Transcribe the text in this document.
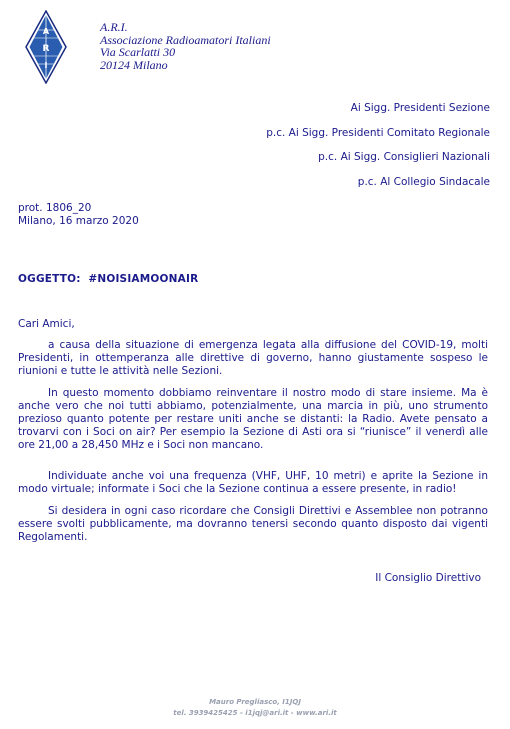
A
R
I
A.R.I.
Associazione Radioamatori Italiani
Via Scarlatti 30
20124 Milano
Ai Sigg. Presidenti Sezione
p.c. Ai Sigg. Presidenti Comitato Regionale
p.c. Ai Sigg. Consiglieri Nazionali
p.c. Al Collegio Sindacale
prot. 1806_20
Milano, 16 marzo 2020
OGGETTO:  #NOISIAMOONAIR
Cari Amici,

a causa della situazione di emergenza legata alla diffusione del COVID-19, molti Presidenti, in ottemperanza alle direttive di governo, hanno giustamente sospeso le riunioni e tutte le attività nelle Sezioni.

In questo momento dobbiamo reinventare il nostro modo di stare insieme. Ma è anche vero che noi tutti abbiamo, potenzialmente, una marcia in più, uno strumento prezioso quanto potente per restare uniti anche se distanti: la Radio. Avete pensato a trovarvi con i Soci on air? Per esempio la Sezione di Asti ora si “riunisce” il venerdì alle ore 21,00 a 28,450 MHz e i Soci non mancano.

Individuate anche voi una frequenza (VHF, UHF, 10 metri) e aprite la Sezione in modo virtuale; informate i Soci che la Sezione continua a essere presente, in radio!

Si desidera in ogni caso ricordare che Consigli Direttivi e Assemblee non potranno essere svolti pubblicamente, ma dovranno tenersi secondo quanto disposto dai vigenti Regolamenti.

Il Consiglio Direttivo
Mauro Pregliasco, I1JQJ
tel. 3939425425 - i1jqj@ari.it - www.ari.it
